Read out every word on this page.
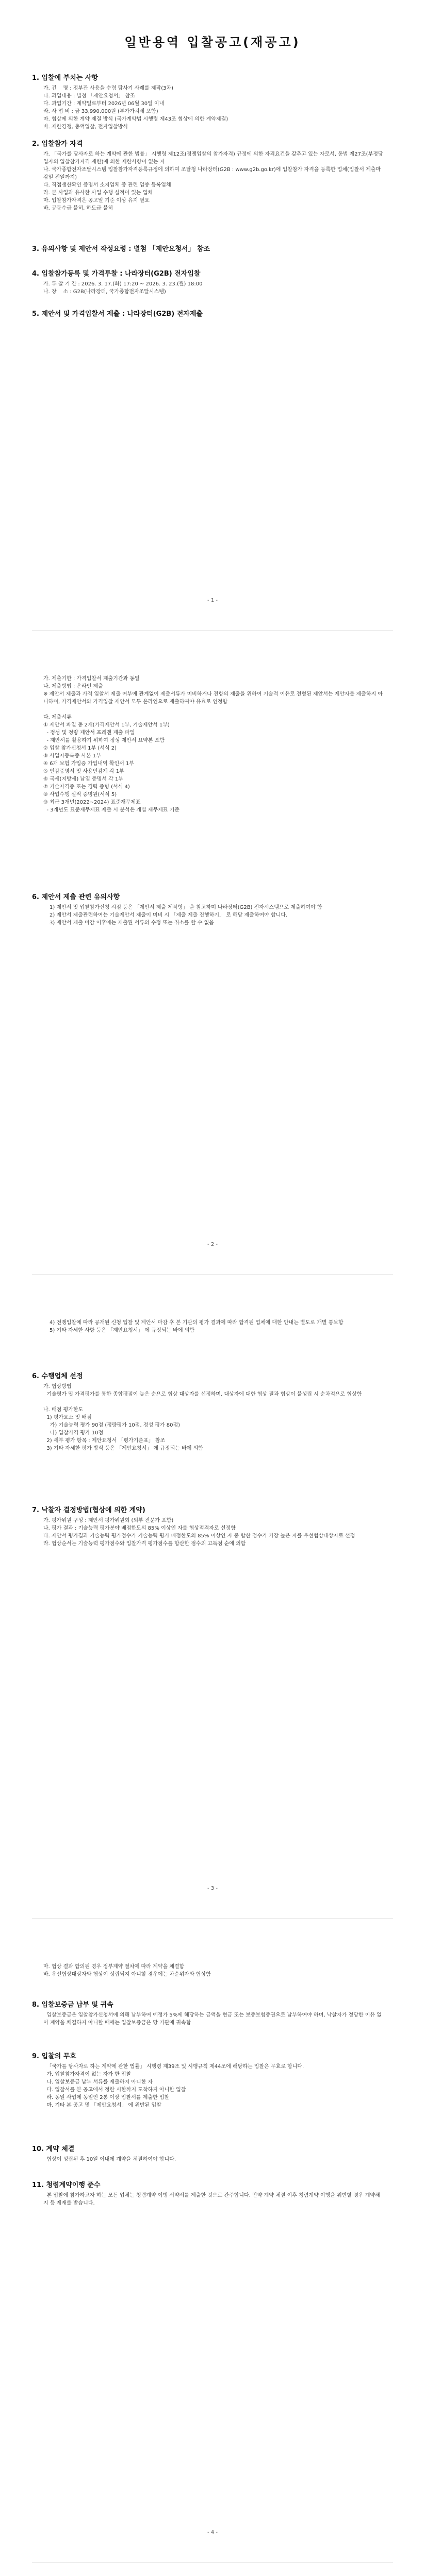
일반용역 입찰공고(재공고)
1. 입찰에 부치는 사항
가. 건    명 : 정부관 사용을 수렴 탐사기 사례를 제작(3차)
나. 과업내용 : 별첨 「제안요청서」 참조
다. 과업기간 : 계약일로부터 2026년 06월 30일 이내
라. 사 업 비 : 금 33,990,000원 (부가가치세 포함)
마. 협상에 의한 계약 제결 방식 (국가계약법 시행령 제43조 협상에 의한 계약제결)
바. 제한경쟁, 총액입찰, 전자입찰방식
2. 입찰참가 자격
가. 「국가를 당사자로 하는 계약에 관한 법률」 시행령 제12조(경쟁입찰의 참가자격) 규정에 의한 자격요건을 갖추고 있는 자로서, 동법 제27조(부정당업자의 입찰참가자격 제한)에 의한 제한사항이 없는 자
나. 국가종합전자조달시스템 입찰참가자격등록규정에 의하여 조달청 나라장터(G2B : www.g2b.go.kr)에 입찰참가 자격을 등록한 업체(입찰서 제출마감일 전일까지)
다. 직접생산확인 증명서 소지업체 중 관련 업종 등록업체
라. 본 사업과 유사한 사업 수행 실적이 있는 업체
마. 입찰참가자격은 공고일 기준 이상 유지 필요
바. 공동수급 불허, 하도급 불허
3. 유의사항 및 제안서 작성요령 : 별첨 「제안요청서」 참조
4. 입찰참가등록 및 가격투찰 : 나라장터(G2B) 전자입찰
가. 투 찰 기 간 : 2026. 3. 17.(화) 17:20 ~ 2026. 3. 23.(월) 18:00
나. 장    소 : G2B(나라장터, 국가종합전자조달시스템)
5. 제안서 및 가격입찰서 제출 : 나라장터(G2B) 전자제출
- 1 -
가. 제출기한 : 가격입찰서 제출기간과 동일
나. 제출방법 : 온라인 제출
※ 제안서 제출과 가격 입찰서 제출 여부에 관계없이 제출서류가 미비하거나 전항의 제출을 위하여 기술적 이유로 전형된 제안서는 제안자를 제출하지 아니하며, 가격제안서와 가격입찰 제안서 모두 온라인으로 제출하여야 유효로 인정함

다. 제출서류
① 제안서 파일 총 2개(가격제안서 1부, 기술제안서 1부)
- 정성 및 정량 제안서 프레젠 제출 파일
- 제안서를 활용하기 위하여 정성 제안서 요약본 포함
② 입찰 참가신청서 1부 (서식 2)
③ 사업자등록증 사본 1부
④ 6개 보험 가입증 가입내역 확인서 1부
⑤ 인감증명서 및 사용인감계 각 1부
⑥ 국세(지방세) 납입 증명서 각 1부
⑦ 기술자격증 또는 경력 증빙 (서식 4)
⑧ 사업수행 실적 증명원(서식 5)
⑨ 최근 3개년(2022~2024) 표준재무제표
- 3개년도 표준재무제표 제출 시 분석은 개별 재무제표 기준
6. 제안서 제출 관련 유의사항
1) 제안서 및 입찰참가신청 시점 등은 「제안서 제출 제작형」 을 참고하며 나라장터(G2B) 전자시스템으로 제출하여야 함
2) 제안서 제출관련하여는 기술제안서 제출이 미비 시 「제출 제출 진행하기」 로 해당 제출하여야 합니다.
3) 제안서 제출 마감 이후에는 제출된 서류의 수정 또는 취소를 할 수 없음
- 2 -
4) 전쟁입찰에 따라 공개된 신청 입찰 및 제안서 마감 후 본 기관의 평가 결과에 따라 합격된 업체에 대한 안내는 별도로 개별 통보함
5) 기타 자세한 사항 등은 「제안요청서」 에 규정되는 바에 의함
6. 수행업체 선정
가. 협상방법
기술평가 및 가격평가를 통한 종합평점이 높은 순으로 협상 대상자를 선정하며, 대상자에 대한 협상 결과 협상이 불성립 시 순차적으로 협상함

나. 배점 평가한도
1) 평가요소 및 배점
가) 기술능력 평가 90점 (정량평가 10점, 정성 평가 80점)
나) 입찰가격 평가 10점
2) 세부 평가 항목 : 제안요청서 「평가기준표」 참조
3) 기타 자세한 평가 방식 등은 「제안요청서」 에 규정되는 바에 의함
7. 낙찰자 결정방법(협상에 의한 계약)
가. 평가위원 구성 : 제안서 평가위원회 (외부 전문가 포함)
나. 평가 결과 : 기술능력 평가분야 배점한도의 85% 이상인 자를 협상적격자로 선정함
다. 제안서 평가결과 기술능력 평가점수가 기술능력 평가 배점한도의 85% 이상인 자 중 합산 점수가 가장 높은 자를 우선협상대상자로 선정
라. 협상순서는 기술능력 평가점수와 입찰가격 평가점수를 합산한 점수의 고득점 순에 의함
- 3 -
마. 협상 결과 합의된 경우 정부계약 절차에 따라 계약을 체결함
바. 우선협상대상자와 협상이 성립되지 아니할 경우에는 차순위자와 협상함
8. 입찰보증금 납부 및 귀속
입찰보증금은 입찰참가신청서에 의해 납부하여 예정가 5%에 해당하는 금액을 현금 또는 보증보험증권으로 납부하여야 하며, 낙찰자가 정당한 이유 없이 계약을 체결하지 아니할 때에는 입찰보증금은 당 기관에 귀속함
9. 입찰의 무효
「국가를 당사자로 하는 계약에 관한 법률」 시행령 제39조 및 시행규칙 제44조에 해당하는 입찰은 무효로 합니다.
가. 입찰참가자격이 없는 자가 한 입찰
나. 입찰보증금 납부 서류를 제출하지 아니한 자
다. 입찰서를 본 공고에서 정한 시한까지 도착하지 아니한 입찰
라. 동일 사업에 동일인 2통 이상 입찰서를 제출한 입찰
마. 기타 본 공고 및 「제안요청서」 에 위반된 입찰
10. 계약 체결
협상이 성립된 후 10일 이내에 계약을 체결하여야 합니다.
11. 청렴계약이행 준수
본 입찰에 참가하고자 하는 모든 업체는 청렴계약 이행 서약서를 제출한 것으로 간주합니다. 만약 계약 체결 이후 청렴계약 이행을 위반할 경우 계약해지 등 제재를 받습니다.
- 4 -
